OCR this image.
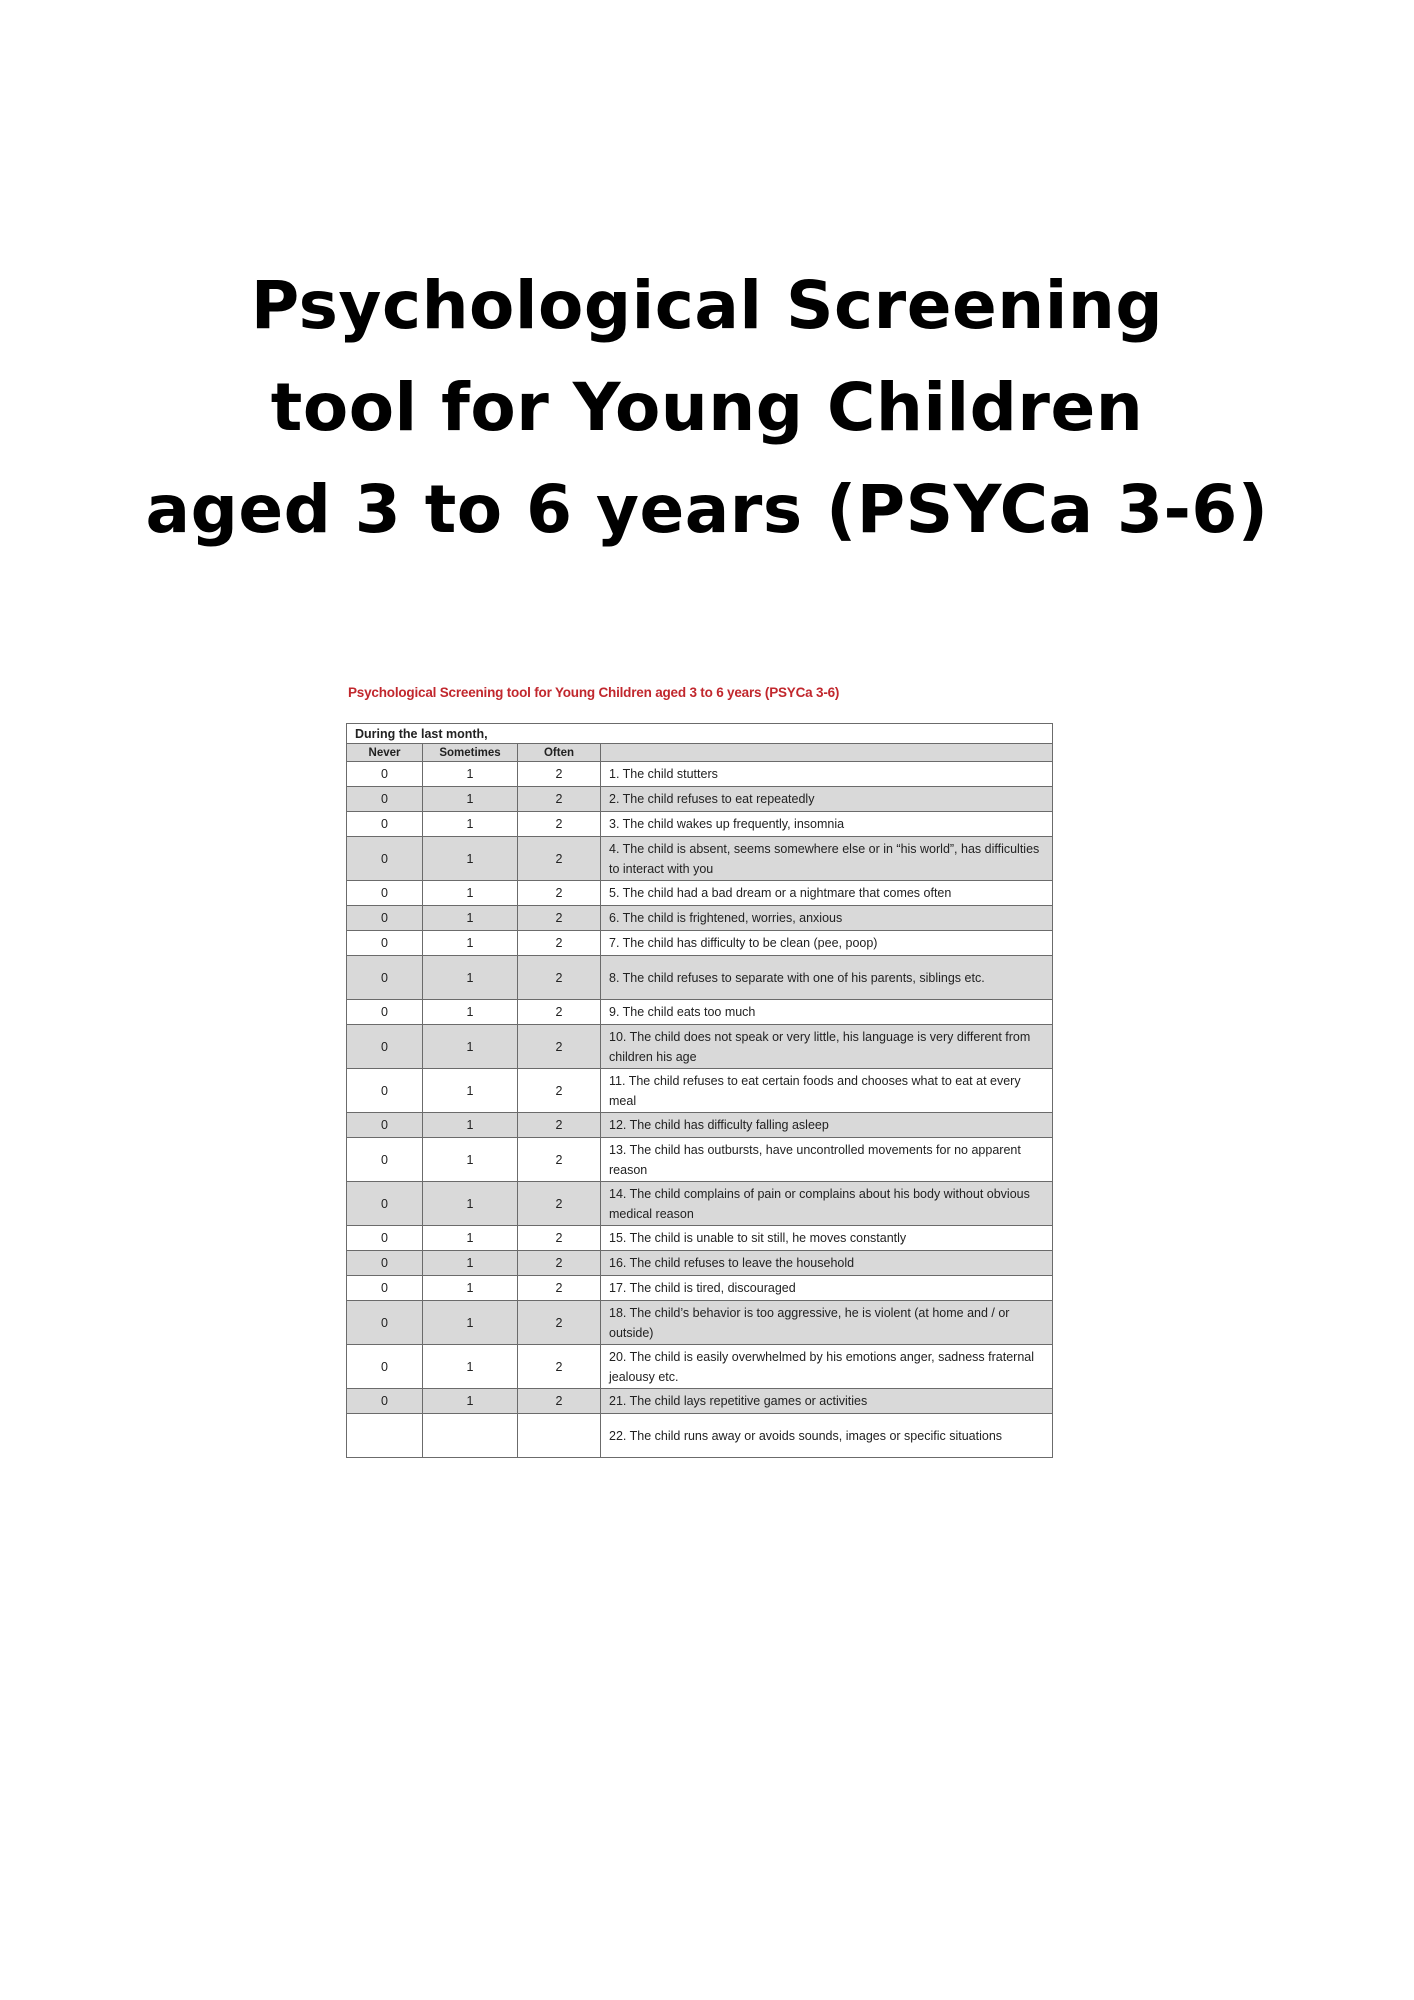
Psychological Screening
tool for Young Children
aged 3 to 6 years (PSYCa 3-6)
Psychological Screening tool for Young Children aged 3 to 6 years (PSYCa 3-6)
During the last month,			
Never	Sometimes	Often	
0	1	2	1. The child stutters
0	1	2	2. The child refuses to eat repeatedly
0	1	2	3. The child wakes up frequently, insomnia
0	1	2	4. The child is absent, seems somewhere else or in “his world”, has difficulties to interact with you
0	1	2	5. The child had a bad dream or a nightmare that comes often
0	1	2	6. The child is frightened, worries, anxious
0	1	2	7. The child has difficulty to be clean (pee, poop)
0	1	2	8. The child refuses to separate with one of his parents, siblings etc.
0	1	2	9. The child eats too much
0	1	2	10. The child does not speak or very little, his language is very different from children his age
0	1	2	11. The child refuses to eat certain foods and chooses what to eat at every meal
0	1	2	12. The child has difficulty falling asleep
0	1	2	13. The child has outbursts, have uncontrolled movements for no apparent reason
0	1	2	14. The child complains of pain or complains about his body without obvious medical reason
0	1	2	15. The child is unable to sit still, he moves constantly
0	1	2	16. The child refuses to leave the household
0	1	2	17. The child is tired, discouraged
0	1	2	18. The child’s behavior is too aggressive, he is violent (at home and / or outside)
0	1	2	20. The child is easily overwhelmed by his emotions anger, sadness fraternal jealousy etc.
0	1	2	21. The child lays repetitive games or activities
			22. The child runs away or avoids sounds, images or specific situations
